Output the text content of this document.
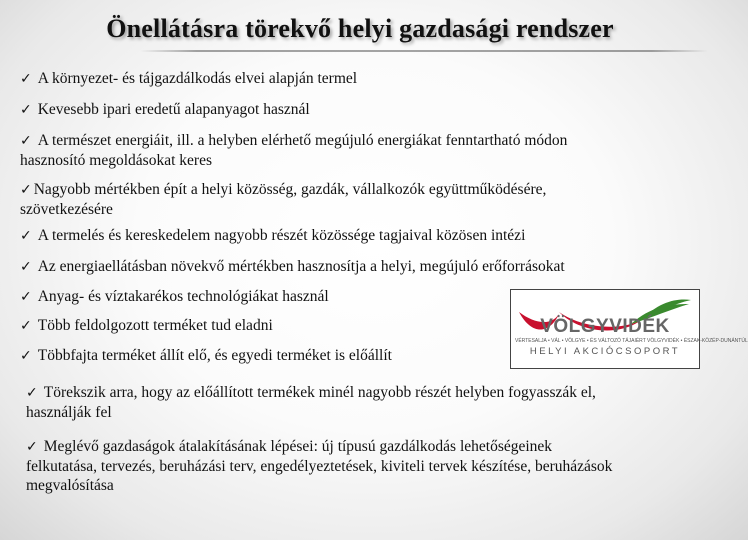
Önellátásra törekvő helyi gazdasági rendszer

✓ A környezet- és tájgazdálkodás elvei alapján termel

✓ Kevesebb ipari eredetű alapanyagot használ

✓ A természet energiáit, ill. a helyben elérhető megújuló energiákat fenntartható módon
hasznosító megoldásokat keres

✓ Nagyobb mértékben épít a helyi közösség, gazdák, vállalkozók együttműködésére,
szövetkezésére

✓ A termelés és kereskedelem nagyobb részét közössége tagjaival közösen intézi

✓ Az energiaellátásban növekvő mértékben hasznosítja a helyi, megújuló erőforrásokat

✓ Anyag- és víztakarékos technológiákat használ

✓ Több feldolgozott terméket tud eladni

✓ Többfajta terméket állít elő, és egyedi terméket is előállít

✓ Törekszik arra, hogy az előállított termékek minél nagyobb részét helyben fogyasszák el,
használják fel

✓ Meglévő gazdaságok átalakításának lépései: új típusú gazdálkodás lehetőségeinek
felkutatása, tervezés, beruházási terv, engedélyeztetések, kiviteli tervek készítése, beruházások
megvalósítása

VÖLGYVIDÉK
VÉRTESALJA • VÁL • VÖLGYE • ÉS VÁLTOZÓ TÁJAIÉRT VÖLGYVIDÉK • ÉSZAK-KÖZÉP-DUNÁNTÚL
HELYI AKCIÓCSOPORT
